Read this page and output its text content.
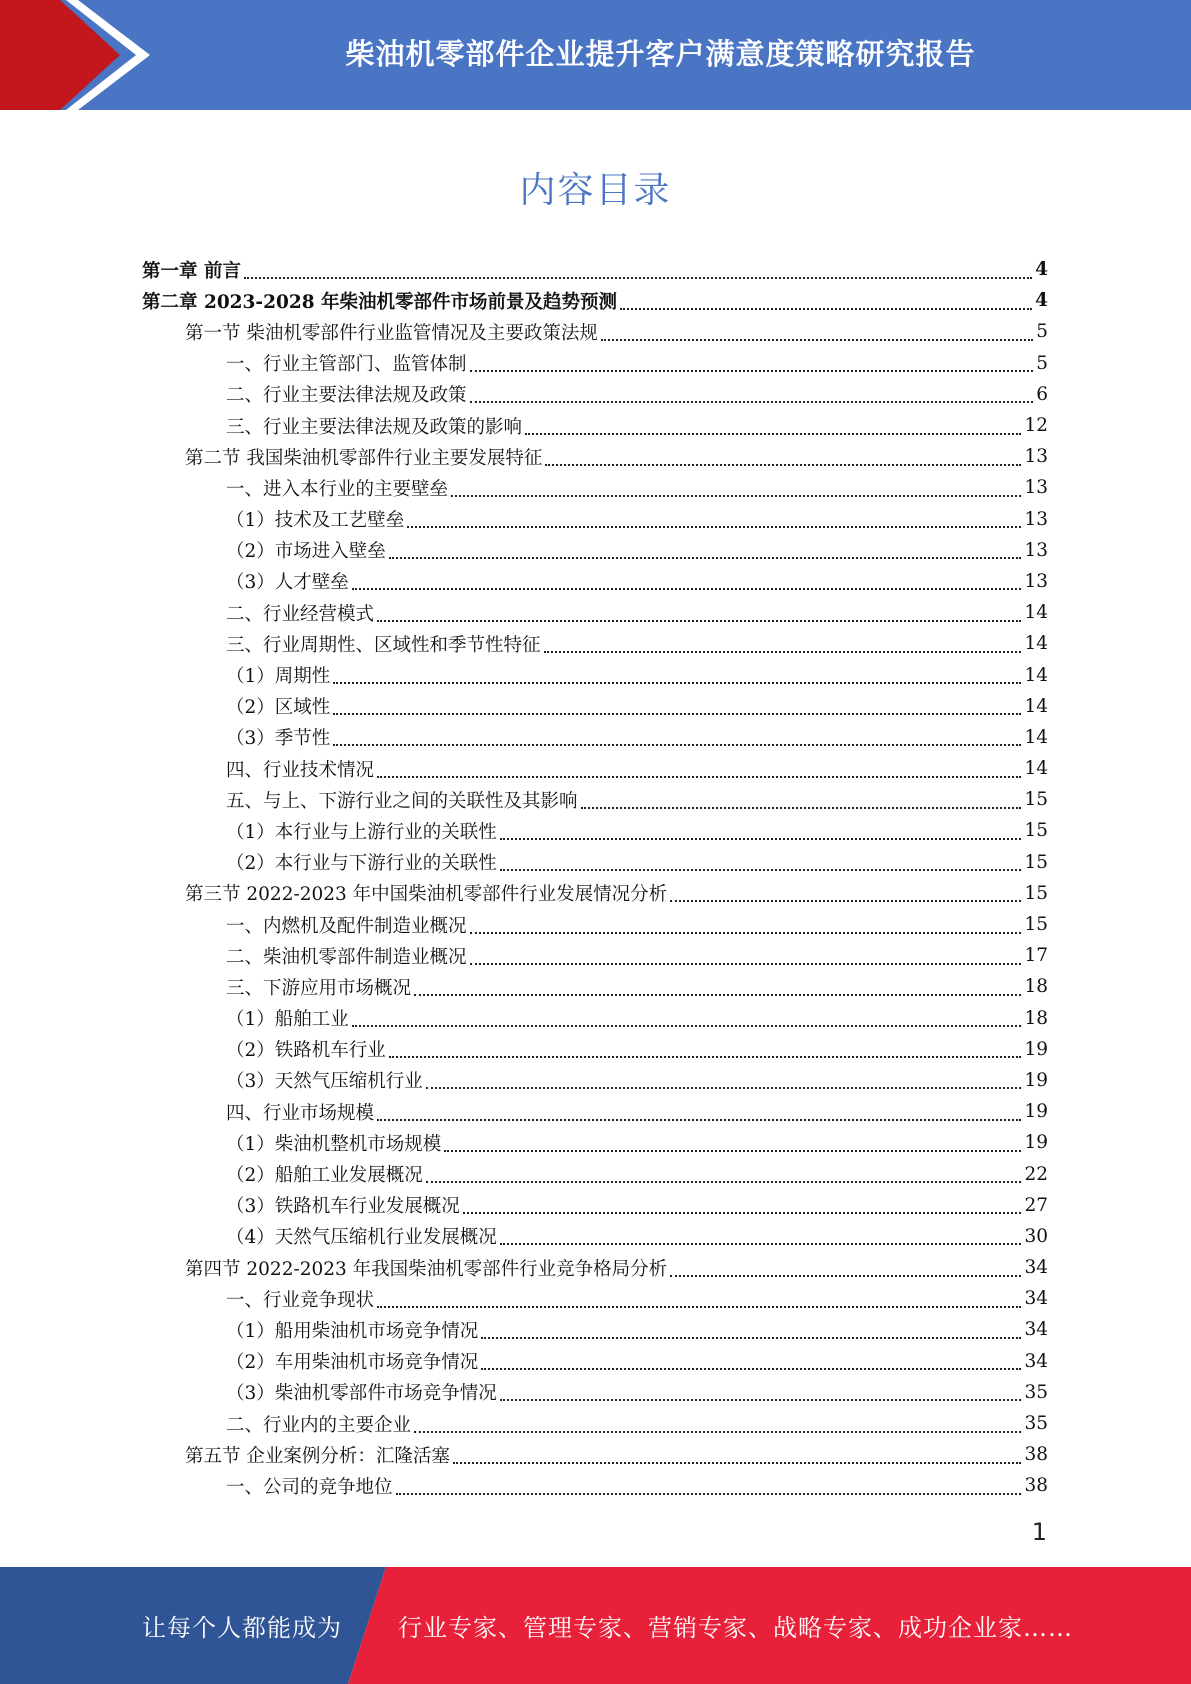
柴油机零部件企业提升客户满意度策略研究报告
内容目录
第一章 前言	4
第二章 2023-2028 年柴油机零部件市场前景及趋势预测	4
第一节 柴油机零部件行业监管情况及主要政策法规	5
一、行业主管部门、监管体制	5
二、行业主要法律法规及政策	6
三、行业主要法律法规及政策的影响	12
第二节 我国柴油机零部件行业主要发展特征	13
一、进入本行业的主要壁垒	13
（1）技术及工艺壁垒	13
（2）市场进入壁垒	13
（3）人才壁垒	13
二、行业经营模式	14
三、行业周期性、区域性和季节性特征	14
（1）周期性	14
（2）区域性	14
（3）季节性	14
四、行业技术情况	14
五、与上、下游行业之间的关联性及其影响	15
（1）本行业与上游行业的关联性	15
（2）本行业与下游行业的关联性	15
第三节 2022-2023 年中国柴油机零部件行业发展情况分析	15
一、内燃机及配件制造业概况	15
二、柴油机零部件制造业概况	17
三、下游应用市场概况	18
（1）船舶工业	18
（2）铁路机车行业	19
（3）天然气压缩机行业	19
四、行业市场规模	19
（1）柴油机整机市场规模	19
（2）船舶工业发展概况	22
（3）铁路机车行业发展概况	27
（4）天然气压缩机行业发展概况	30
第四节 2022-2023 年我国柴油机零部件行业竞争格局分析	34
一、行业竞争现状	34
（1）船用柴油机市场竞争情况	34
（2）车用柴油机市场竞争情况	34
（3）柴油机零部件市场竞争情况	35
二、行业内的主要企业	35
第五节 企业案例分析：汇隆活塞	38
一、公司的竞争地位	38
1
让每个人都能成为 行业专家、管理专家、营销专家、战略专家、成功企业家……
